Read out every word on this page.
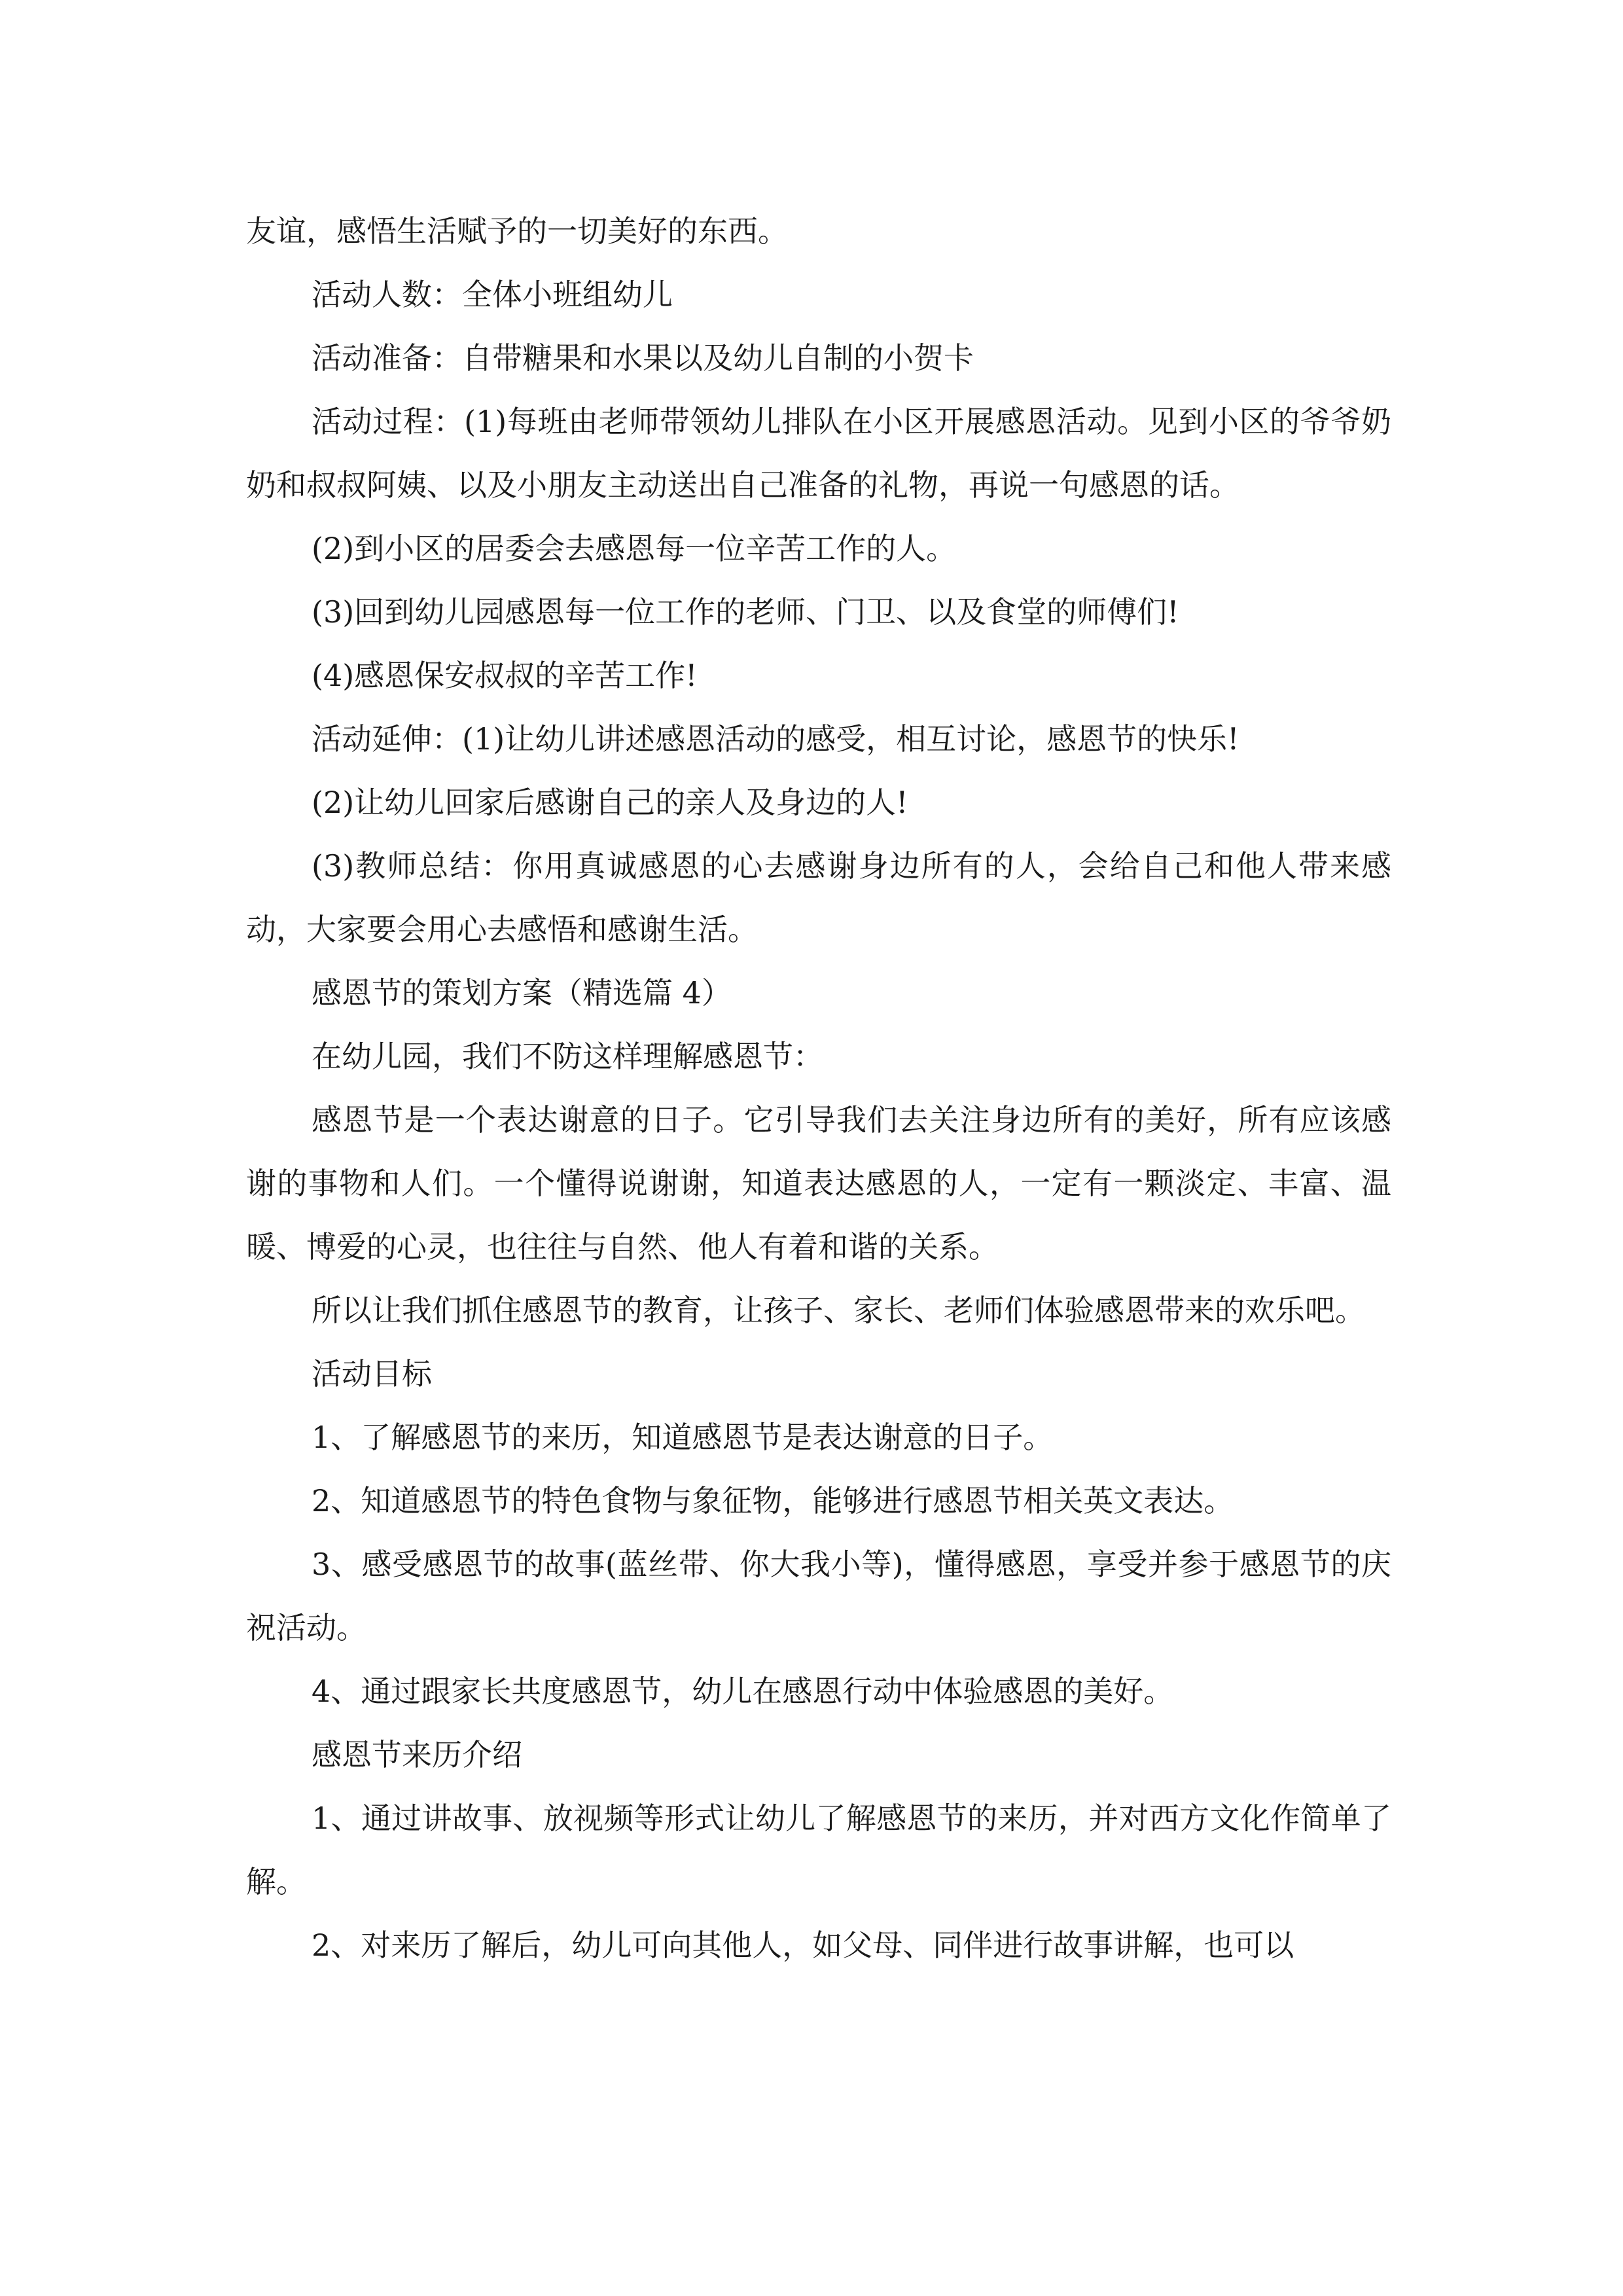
友谊，感悟生活赋予的一切美好的东西。

活动人数：全体小班组幼儿

活动准备：自带糖果和水果以及幼儿自制的小贺卡

活动过程：(1)每班由老师带领幼儿排队在小区开展感恩活动。见到小区的爷爷奶奶和叔叔阿姨、以及小朋友主动送出自己准备的礼物，再说一句感恩的话。

(2)到小区的居委会去感恩每一位辛苦工作的人。

(3)回到幼儿园感恩每一位工作的老师、门卫、以及食堂的师傅们!

(4)感恩保安叔叔的辛苦工作!

活动延伸：(1)让幼儿讲述感恩活动的感受，相互讨论，感恩节的快乐!

(2)让幼儿回家后感谢自己的亲人及身边的人!

(3)教师总结：你用真诚感恩的心去感谢身边所有的人，会给自己和他人带来感动，大家要会用心去感悟和感谢生活。

感恩节的策划方案（精选篇 4）

在幼儿园，我们不防这样理解感恩节：

感恩节是一个表达谢意的日子。它引导我们去关注身边所有的美好，所有应该感谢的事物和人们。一个懂得说谢谢，知道表达感恩的人，一定有一颗淡定、丰富、温暖、博爱的心灵，也往往与自然、他人有着和谐的关系。

所以让我们抓住感恩节的教育，让孩子、家长、老师们体验感恩带来的欢乐吧。

活动目标

1、了解感恩节的来历，知道感恩节是表达谢意的日子。

2、知道感恩节的特色食物与象征物，能够进行感恩节相关英文表达。

3、感受感恩节的故事(蓝丝带、你大我小等)，懂得感恩，享受并参于感恩节的庆祝活动。

4、通过跟家长共度感恩节，幼儿在感恩行动中体验感恩的美好。

感恩节来历介绍

1、通过讲故事、放视频等形式让幼儿了解感恩节的来历，并对西方文化作简单了解。

2、对来历了解后，幼儿可向其他人，如父母、同伴进行故事讲解，也可以
